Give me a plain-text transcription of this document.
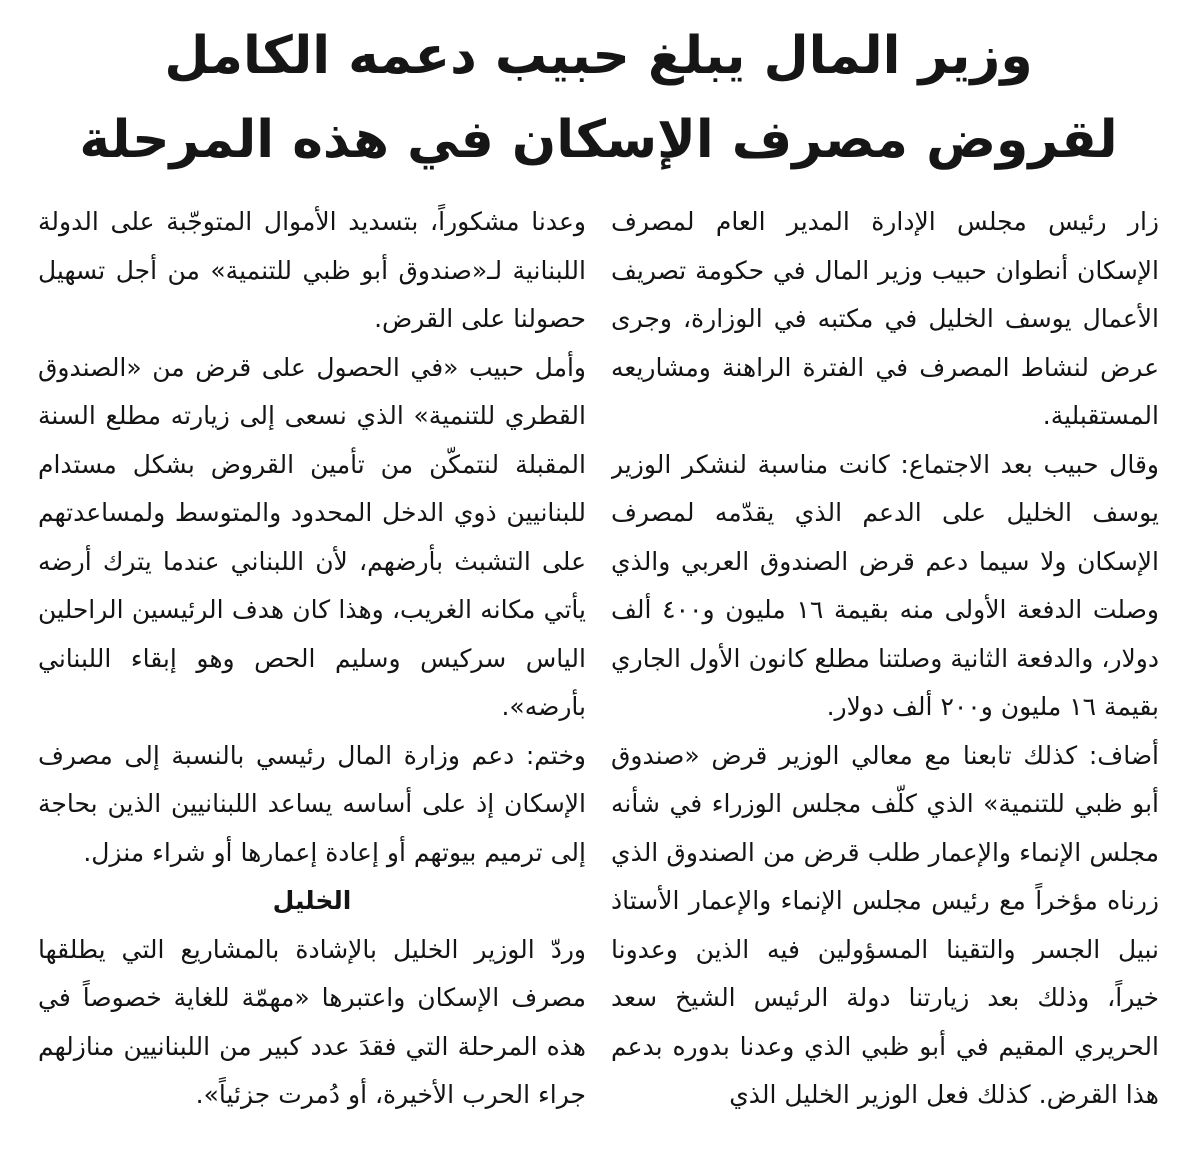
وزير المال يبلغ حبيب دعمه الكامل
لقروض مصرف الإسكان في هذه المرحلة

زار رئيس مجلس الإدارة المدير العام لمصرف الإسكان أنطوان حبيب وزير المال في حكومة تصريف الأعمال يوسف الخليل في مكتبه في الوزارة، وجرى عرض لنشاط المصرف في الفترة الراهنة ومشاريعه المستقبلية.

وقال حبيب بعد الاجتماع: كانت مناسبة لنشكر الوزير يوسف الخليل على الدعم الذي يقدّمه لمصرف الإسكان ولا سيما دعم قرض الصندوق العربي والذي وصلت الدفعة الأولى منه بقيمة ١٦ مليون و٤٠٠ ألف دولار، والدفعة الثانية وصلتنا مطلع كانون الأول الجاري بقيمة ١٦ مليون و٢٠٠ ألف دولار.

أضاف: كذلك تابعنا مع معالي الوزير قرض «صندوق أبو ظبي للتنمية» الذي كلّف مجلس الوزراء في شأنه مجلس الإنماء والإعمار طلب قرض من الصندوق الذي زرناه مؤخراً مع رئيس مجلس الإنماء والإعمار الأستاذ نبيل الجسر والتقينا المسؤولين فيه الذين وعدونا خيراً، وذلك بعد زيارتنا دولة الرئيس الشيخ سعد الحريري المقيم في أبو ظبي الذي وعدنا بدوره بدعم هذا القرض. كذلك فعل الوزير الخليل الذي

وعدنا مشكوراً، بتسديد الأموال المتوجّبة على الدولة اللبنانية لـ«صندوق أبو ظبي للتنمية» من أجل تسهيل حصولنا على القرض.

وأمل حبيب «في الحصول على قرض من «الصندوق القطري للتنمية» الذي نسعى إلى زيارته مطلع السنة المقبلة لنتمكّن من تأمين القروض بشكل مستدام للبنانيين ذوي الدخل المحدود والمتوسط ولمساعدتهم على التشبث بأرضهم، لأن اللبناني عندما يترك أرضه يأتي مكانه الغريب، وهذا كان هدف الرئيسين الراحلين الياس سركيس وسليم الحص وهو إبقاء اللبناني بأرضه».

وختم: دعم وزارة المال رئيسي بالنسبة إلى مصرف الإسكان إذ على أساسه يساعد اللبنانيين الذين بحاجة إلى ترميم بيوتهم أو إعادة إعمارها أو شراء منزل.

الخليل

وردّ الوزير الخليل بالإشادة بالمشاريع التي يطلقها مصرف الإسكان واعتبرها «مهمّة للغاية خصوصاً في هذه المرحلة التي فقدَ عدد كبير من اللبنانيين منازلهم جراء الحرب الأخيرة، أو دُمرت جزئياً».
